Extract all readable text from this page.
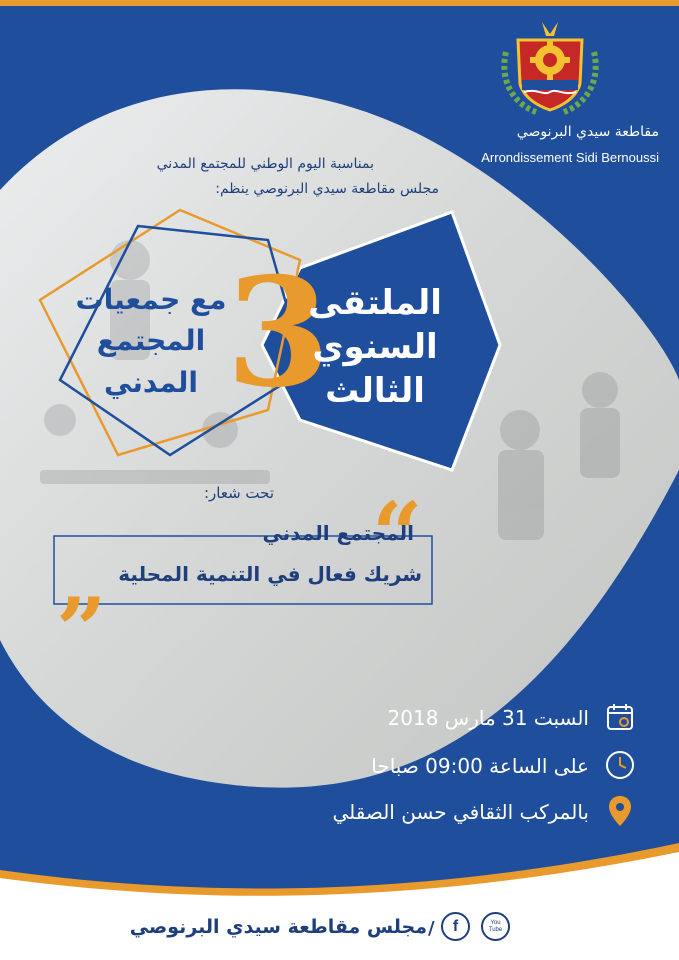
مقاطعة سيدي البرنوصي
Arrondissement Sidi Bernoussi
بمناسبة اليوم الوطني للمجتمع المدني
مجلس مقاطعة سيدي البرنوصي ينظم:
3
الملتقى
السنوي
الثالث
مع جمعيات
المجتمع
المدني
تحت شعار: “
المجتمع المدني
شريك فعال في التنمية المحلية
”
السبت 31 مارس 2018
على الساعة 09:00 صباحا
بالمركب الثقافي حسن الصقلي
مجلس مقاطعة سيدي البرنوصي /	f	You Tube
